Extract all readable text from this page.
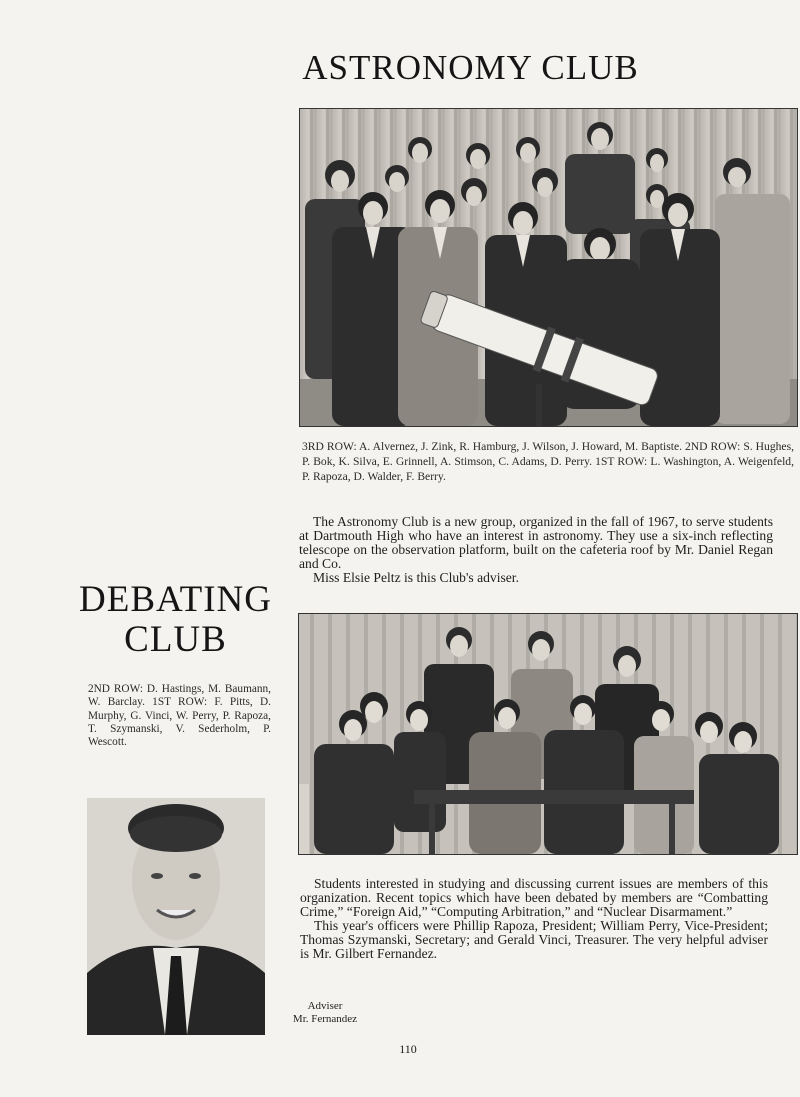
ASTRONOMY CLUB
3RD ROW: A. Alvernez, J. Zink, R. Hamburg, J. Wilson, J. Howard, M. Baptiste. 2ND ROW: S. Hughes, P. Bok, K. Silva, E. Grinnell, A. Stimson, C. Adams, D. Perry. 1ST ROW: L. Washington, A. Weigenfeld, P. Rapoza, D. Walder, F. Berry.

The Astronomy Club is a new group, organized in the fall of 1967, to serve students at Dartmouth High who have an interest in astronomy. They use a six-inch reflecting telescope on the observation platform, built on the cafeteria roof by Mr. Daniel Regan and Co.

Miss Elsie Peltz is this Club's adviser.

DEBATING
CLUB
2ND ROW: D. Hastings, M. Baumann, W. Barclay. 1ST ROW: F. Pitts, D. Murphy, G. Vinci, W. Perry, P. Rapoza, T. Szymanski, V. Sederholm, P. Wescott.

Students interested in studying and discussing current issues are members of this organization. Recent topics which have been debated by members are “Combatting Crime,” “Foreign Aid,” “Computing Arbitration,” and “Nuclear Disarmament.”

This year's officers were Phillip Rapoza, President; William Perry, Vice-President; Thomas Szymanski, Secretary; and Gerald Vinci, Treasurer. The very helpful adviser is Mr. Gilbert Fernandez.

Adviser
Mr. Fernandez
110
